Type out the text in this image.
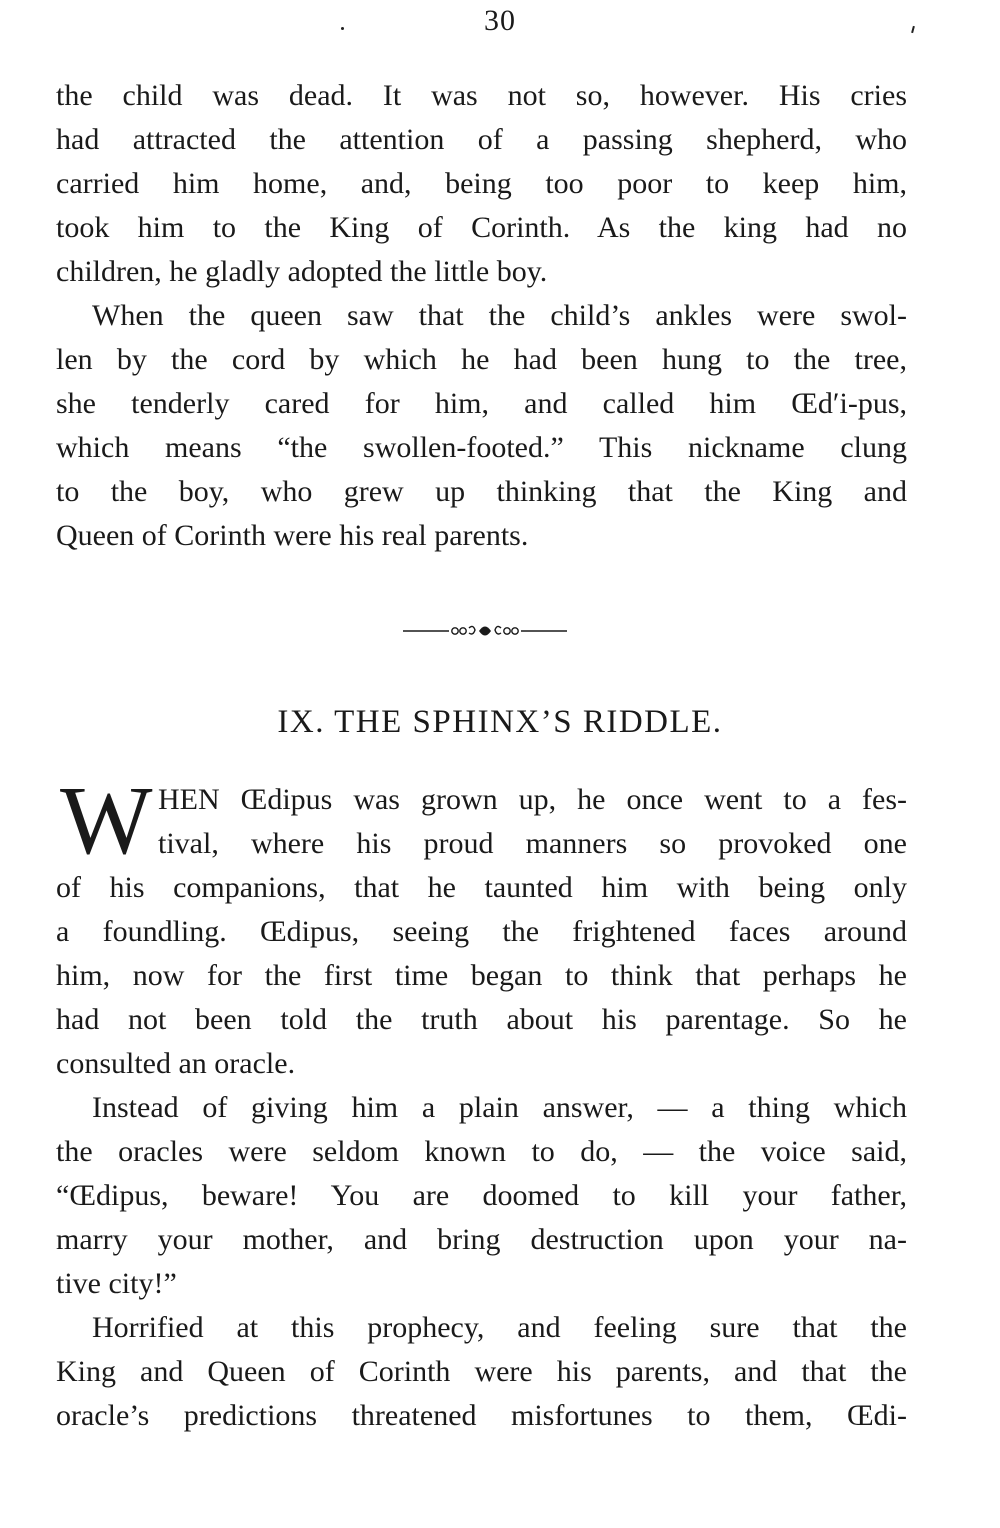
30
the child was dead. It was not so, however. His cries
had attracted the attention of a passing shepherd, who
carried him home, and, being too poor to keep him,
took him to the King of Corinth. As the king had no
children, he gladly adopted the little boy.
When the queen saw that the child’s ankles were swol-
len by the cord by which he had been hung to the tree,
she tenderly cared for him, and called him Œd′i-pus,
which means “the swollen-footed.” This nickname clung
to the boy, who grew up thinking that the King and
Queen of Corinth were his real parents.
IX. THE SPHINX’S RIDDLE.
W HEN Œdipus was grown up, he once went to a fes-
tival, where his proud manners so provoked one
of his companions, that he taunted him with being only
a foundling. Œdipus, seeing the frightened faces around
him, now for the first time began to think that perhaps he
had not been told the truth about his parentage. So he
consulted an oracle.
Instead of giving him a plain answer, — a thing which
the oracles were seldom known to do, — the voice said,
“Œdipus, beware! You are doomed to kill your father,
marry your mother, and bring destruction upon your na-
tive city!”
Horrified at this prophecy, and feeling sure that the
King and Queen of Corinth were his parents, and that the
oracle’s predictions threatened misfortunes to them, Œdi-
